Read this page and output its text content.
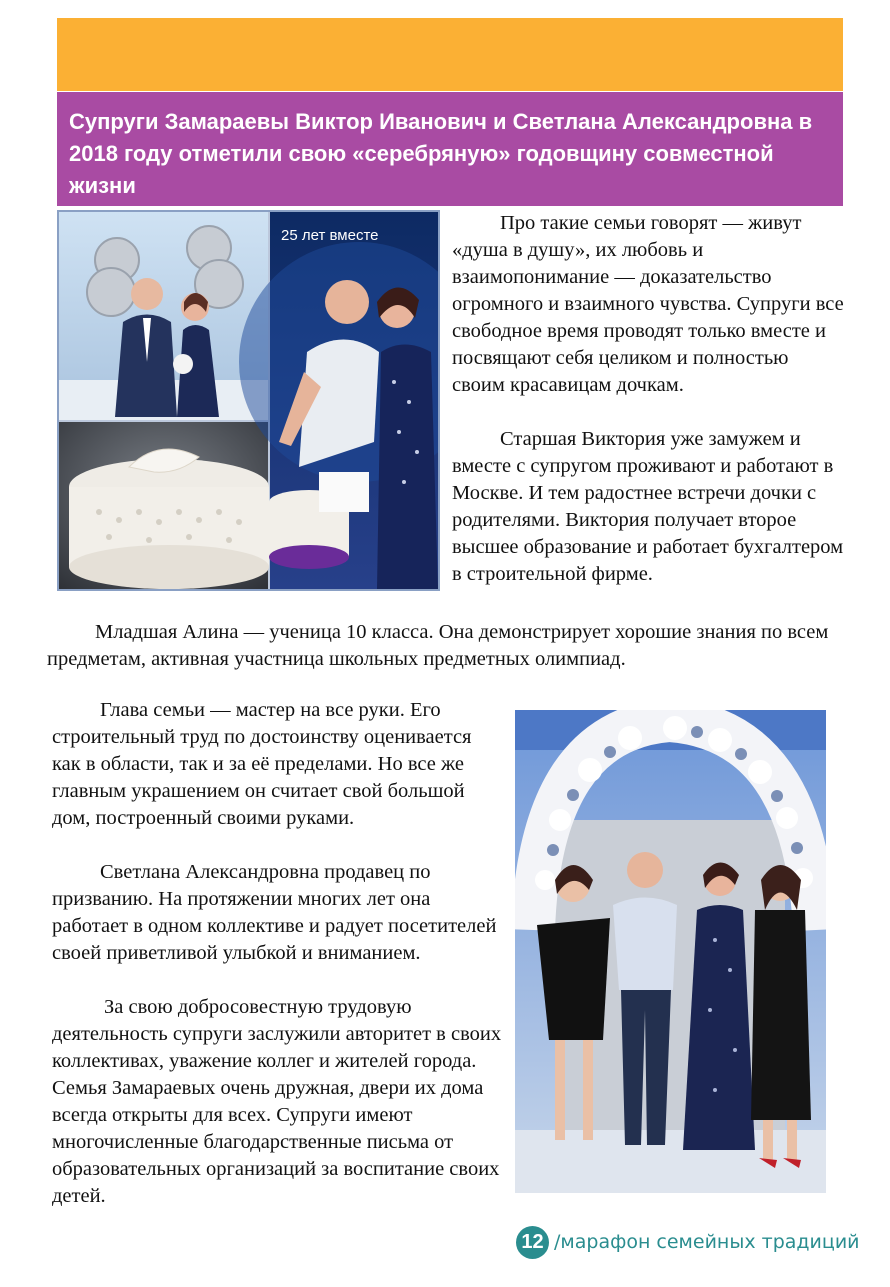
Супруги Замараевы Виктор Иванович и Светлана Александровна в 2018 году отметили свою «серебряную» годовщину совместной жизни
25 лет вместе

Про такие семьи говорят — живут «душа в душу», их любовь и взаимопонимание — доказательство огромного и взаимного чувства. Супруги все свободное время проводят только вместе и посвящают себя целиком и полностью своим красавицам дочкам.

Старшая Виктория уже замужем и вместе с супругом проживают и работают в Москве. И тем радостнее встречи дочки с родителями. Виктория получает второе высшее образование и работает бухгалтером в строительной фирме.

Младшая Алина — ученица 10 класса. Она демонстрирует хорошие знания по всем предметам, активная участница школьных предметных олимпиад.

Глава семьи — мастер на все руки. Его строительный труд по достоинству оценивается как в области, так и за её пределами. Но все же главным украшением он считает свой большой дом, построенный своими руками.

Светлана Александровна продавец по призванию. На протяжении многих лет она работает в одном коллективе и радует посетителей своей приветливой улыбкой и вниманием.

За свою добросовестную трудовую деятельность супруги заслужили авторитет в своих коллективах, уважение коллег и жителей города. Семья Замараевых очень дружная, двери их дома всегда открыты для всех. Супруги имеют многочисленные благодарственные письма от образовательных организаций за воспитание своих детей.

12 /марафон семейных традиций
